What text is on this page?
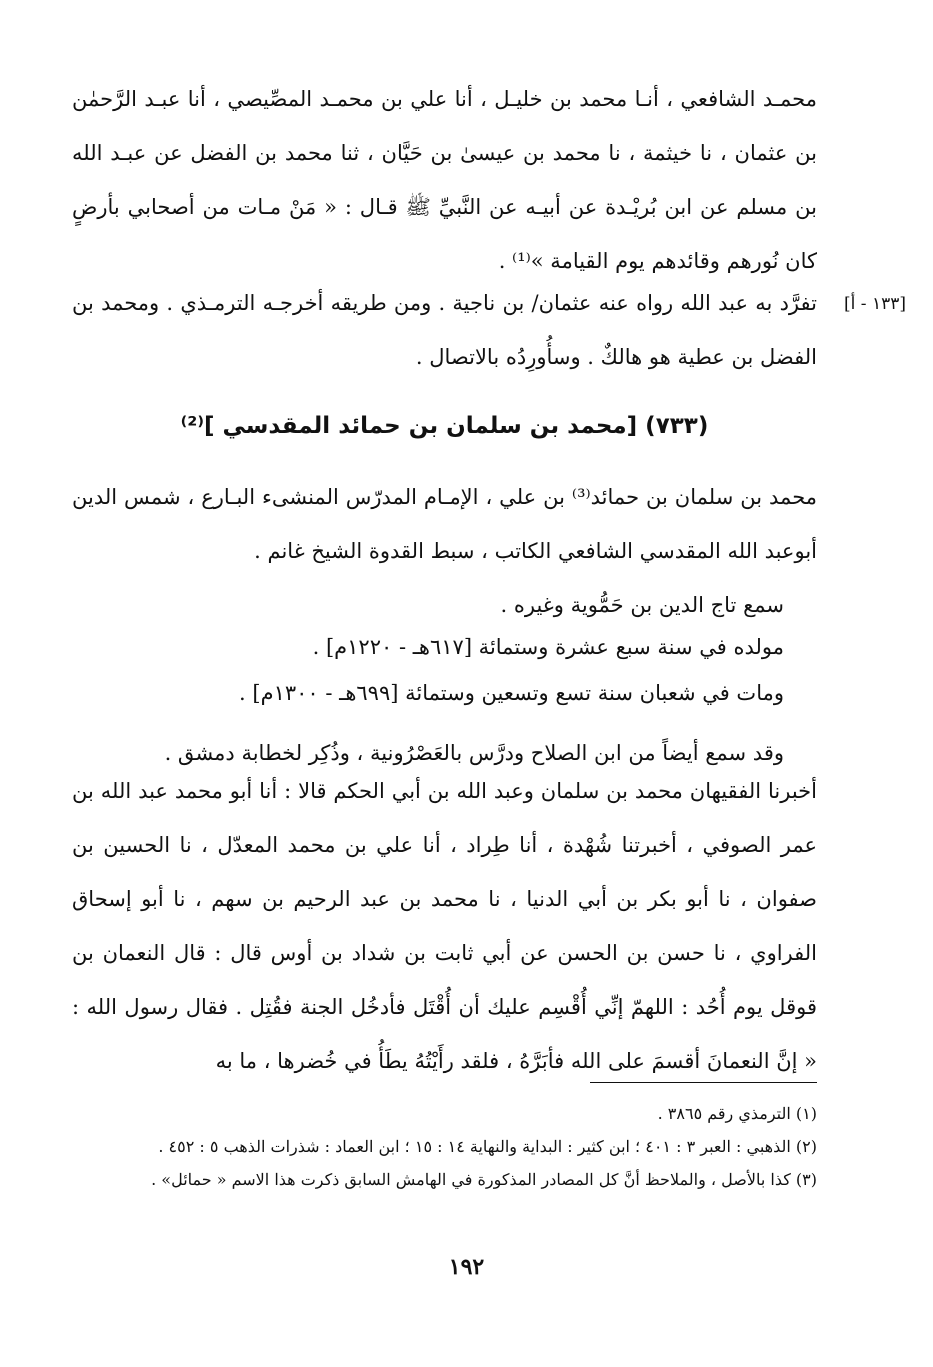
محمـد الشافعي ، أنـا محمد بن خليـل ، أنا علي بن محمـد المصِّيصي ، أنا عبـد الرَّحمٰن بن عثمان ، نا خيثمة ، نا محمد بن عيسىٰ بن حَيَّان ، ثنا محمد بن الفضل عن عبـد الله بن مسلم عن ابن بُريْـدة عن أبيـه عن النَّبيِّ ﷺ قـال : « مَنْ مـات من أصحابي بأرضٍ كان نُورهم وقائدهم يوم القيامة »⁽¹⁾ .
[١٣٣ - أ]
تفرَّد به عبد الله رواه عنه عثمان/ بن ناجية . ومن طريقه أخرجـه الترمـذي . ومحمد بن الفضل بن عطية هو هالكٌ . وسأُورِدُه بالاتصال .
(٧٣٣) [محمد بن سلمان بن حمائد المقدسي ]⁽²⁾
محمد بن سلمان بن حمائد⁽³⁾ بن علي ، الإمـام المدرّس المنشىء البـارع ، شمس الدين أبوعبد الله المقدسي الشافعي الكاتب ، سبط القدوة الشيخ غانم .
سمع تاج الدين بن حَمُّوية وغيره .
مولده في سنة سبع عشرة وستمائة [٦١٧هـ - ١٢٢٠م] .
ومات في شعبان سنة تسع وتسعين وستمائة [٦٩٩هـ - ١٣٠٠م] .
وقد سمع أيضاً من ابن الصلاح ودرَّس بالعَصْرُونية ، وذُكِر لخطابة دمشق .
أخبرنا الفقيهان محمد بن سلمان وعبد الله بن أبي الحكم قالا : أنا أبو محمد عبد الله بن عمر الصوفي ، أخبرتنا شُهْدة ، أنا طِراد ، أنا علي بن محمد المعدّل ، نا الحسين بن صفوان ، نا أبو بكر بن أبي الدنيا ، نا محمد بن عبد الرحيم بن سهم ، نا أبو إسحاق الفراوي ، نا حسن بن الحسن عن أبي ثابت بن شداد بن أوس قال : قال النعمان بن قوقل يوم أُحُد : اللهمّ إنِّي أُقْسِم عليك أن أُقْتَل فأدخُل الجنة فقُتِل . فقال رسول الله : « إنَّ النعمانَ أقسمَ على الله فأبَرَّهُ ، فلقد رأَيْتُهُ يطَأُ في خُضرها ، ما به
(١) الترمذي رقم ٣٨٦٥ .
(٢) الذهبي : العبر ٣ : ٤٠١ ؛ ابن كثير : البداية والنهاية ١٤ : ١٥ ؛ ابن العماد : شذرات الذهب ٥ : ٤٥٢ .
(٣) كذا بالأصل ، والملاحظ أنَّ كل المصادر المذكورة في الهامش السابق ذكرت هذا الاسم « حمائل» .
١٩٢
